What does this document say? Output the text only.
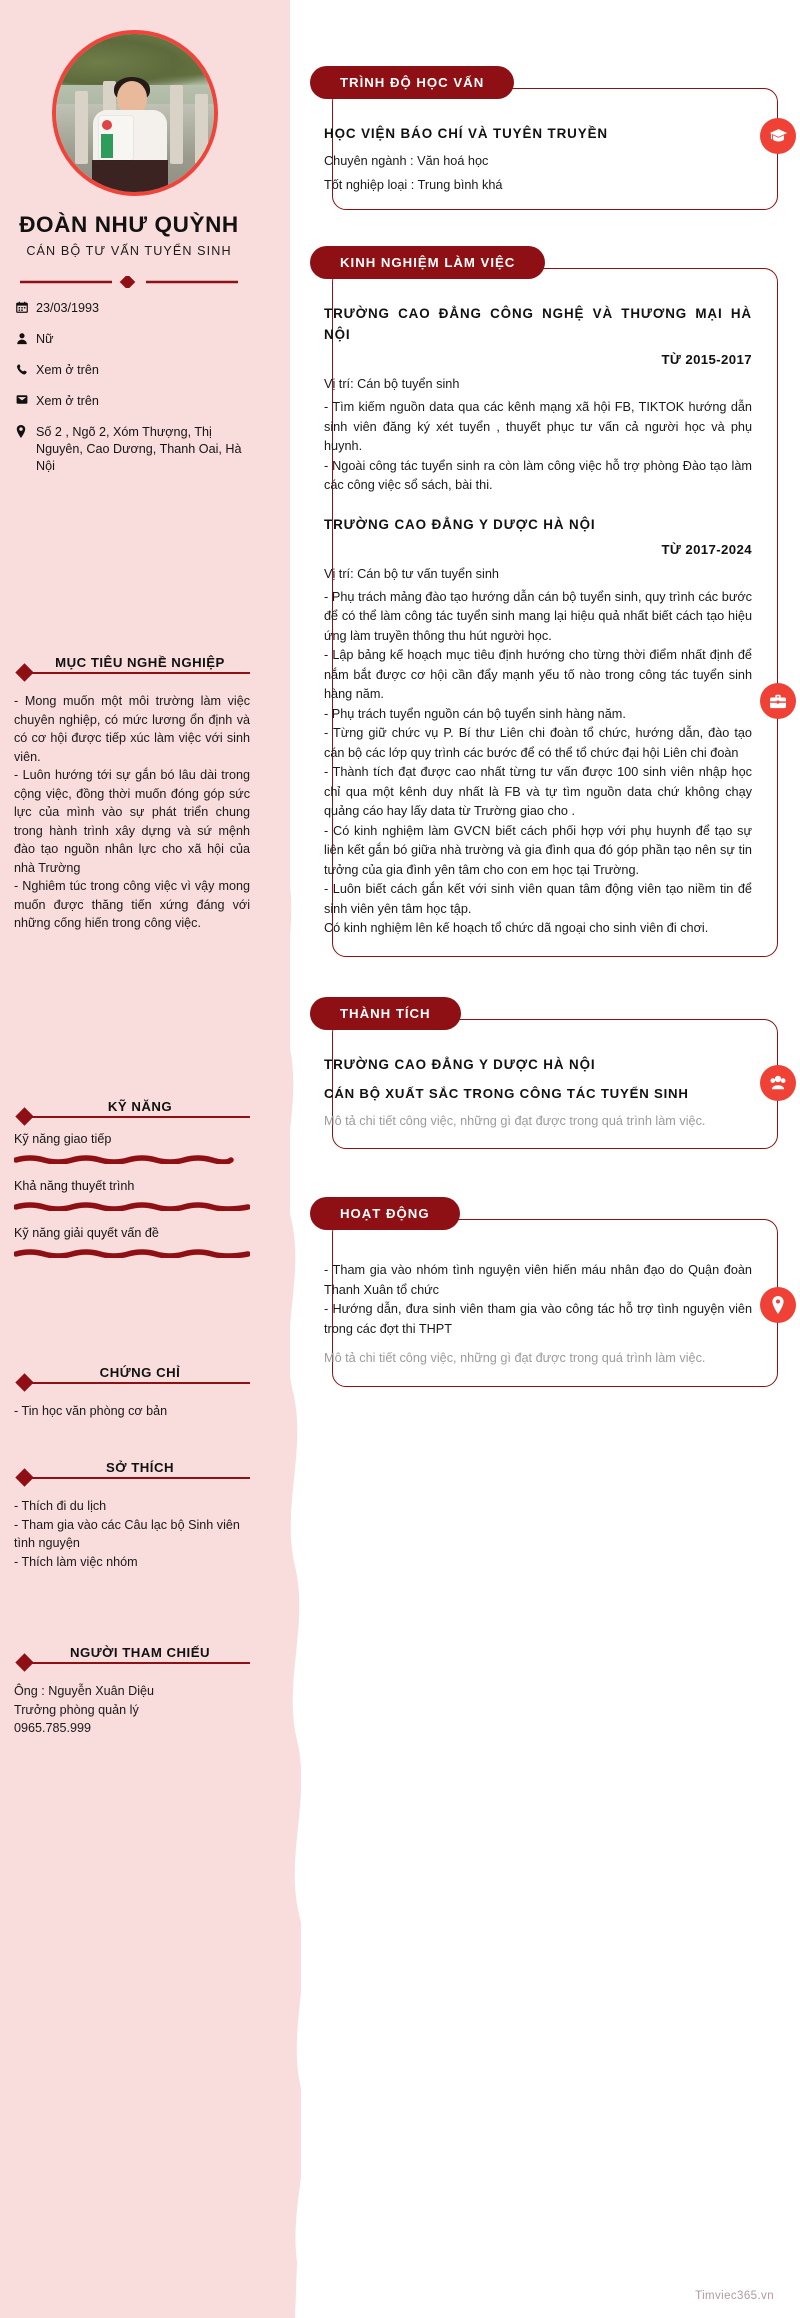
ĐOÀN NHƯ QUỲNH
CÁN BỘ TƯ VẤN TUYỂN SINH
23/03/1993
Nữ
Xem ở trên
Xem ở trên
Số 2 , Ngõ 2, Xóm Thượng, Thị Nguyên, Cao Dương, Thanh Oai, Hà Nội
MỤC TIÊU NGHỀ NGHIỆP

- Mong muốn một môi trường làm việc chuyên nghiệp, có mức lương ổn định và có cơ hội được tiếp xúc làm việc với sinh viên.

- Luôn hướng tới sự gắn bó lâu dài trong cộng việc, đồng thời muốn đóng góp sức lực của mình vào sự phát triển chung trong hành trình xây dựng và sứ mệnh đào tạo nguồn nhân lực cho xã hội của nhà Trường

- Nghiêm túc trong công việc vì vậy mong muốn được thăng tiến xứng đáng với những cống hiến trong công việc.

KỸ NĂNG
Kỹ năng giao tiếp
Khả năng thuyết trình
Kỹ năng giải quyết vấn đề
CHỨNG CHỈ

- Tin học văn phòng cơ bản

SỞ THÍCH

- Thích đi du lịch

- Tham gia vào các Câu lạc bộ Sinh viên tình nguyện

- Thích làm việc nhóm

NGƯỜI THAM CHIẾU

Ông : Nguyễn Xuân Diệu

Trưởng phòng quản lý

0965.785.999

TRÌNH ĐỘ HỌC VẤN
HỌC VIỆN BÁO CHÍ VÀ TUYÊN TRUYỀN
Chuyên ngành : Văn hoá học
Tốt nghiệp loại : Trung bình khá
KINH NGHIỆM LÀM VIỆC
TRƯỜNG CAO ĐẲNG CÔNG NGHỆ VÀ THƯƠNG MẠI HÀ NỘI
TỪ 2015-2017
Vị trí: Cán bộ tuyển sinh

- Tìm kiếm nguồn data qua các kênh mạng xã hội FB, TIKTOK hướng dẫn sinh viên đăng ký xét tuyển , thuyết phục tư vấn cả người học và phụ huynh.

- Ngoài công tác tuyển sinh ra còn làm công việc hỗ trợ phòng Đào tạo làm các công việc sổ sách, bài thi.

TRƯỜNG CAO ĐẲNG Y DƯỢC HÀ NỘI
TỪ 2017-2024
Vị trí: Cán bộ tư vấn tuyển sinh

- Phụ trách mảng đào tạo hướng dẫn cán bộ tuyển sinh, quy trình các bước để có thể làm công tác tuyển sinh mang lại hiệu quả nhất biết cách tạo hiệu ứng làm truyền thông thu hút người học.

- Lập bảng kế hoạch mục tiêu định hướng cho từng thời điểm nhất định để nắm bắt được cơ hội cần đẩy mạnh yếu tố nào trong công tác tuyển sinh hàng năm.

- Phụ trách tuyển nguồn cán bộ tuyển sinh hàng năm.

- Từng giữ chức vụ P. Bí thư Liên chi đoàn tổ chức, hướng dẫn, đào tạo cán bộ các lớp quy trình các bước để có thể tổ chức đại hội Liên chi đoàn

- Thành tích đạt được cao nhất từng tư vấn được 100 sinh viên nhập học chỉ qua một kênh duy nhất là FB và tự tìm nguồn data chứ không chạy quảng cáo hay lấy data từ Trường giao cho .

- Có kinh nghiệm làm GVCN biết cách phối hợp với phụ huynh để tạo sự liên kết gắn bó giữa nhà trường và gia đình qua đó góp phần tạo nên sự tin tưởng của gia đình yên tâm cho con em học tại Trường.

- Luôn biết cách gắn kết với sinh viên quan tâm động viên tạo niềm tin để sinh viên yên tâm học tập.

Có kinh nghiệm lên kế hoạch tổ chức dã ngoại cho sinh viên đi chơi.

THÀNH TÍCH
TRƯỜNG CAO ĐẲNG Y DƯỢC HÀ NỘI
CÁN BỘ XUẤT SẮC TRONG CÔNG TÁC TUYỂN SINH
Mô tả chi tiết công việc, những gì đạt được trong quá trình làm việc.
HOẠT ĐỘNG

- Tham gia vào nhóm tình nguyện viên hiến máu nhân đạo do Quận đoàn Thanh Xuân tổ chức

- Hướng dẫn, đưa sinh viên tham gia vào công tác hỗ trợ tình nguyện viên trong các đợt thi THPT

Mô tả chi tiết công việc, những gì đạt được trong quá trình làm việc.
Timviec365.vn
